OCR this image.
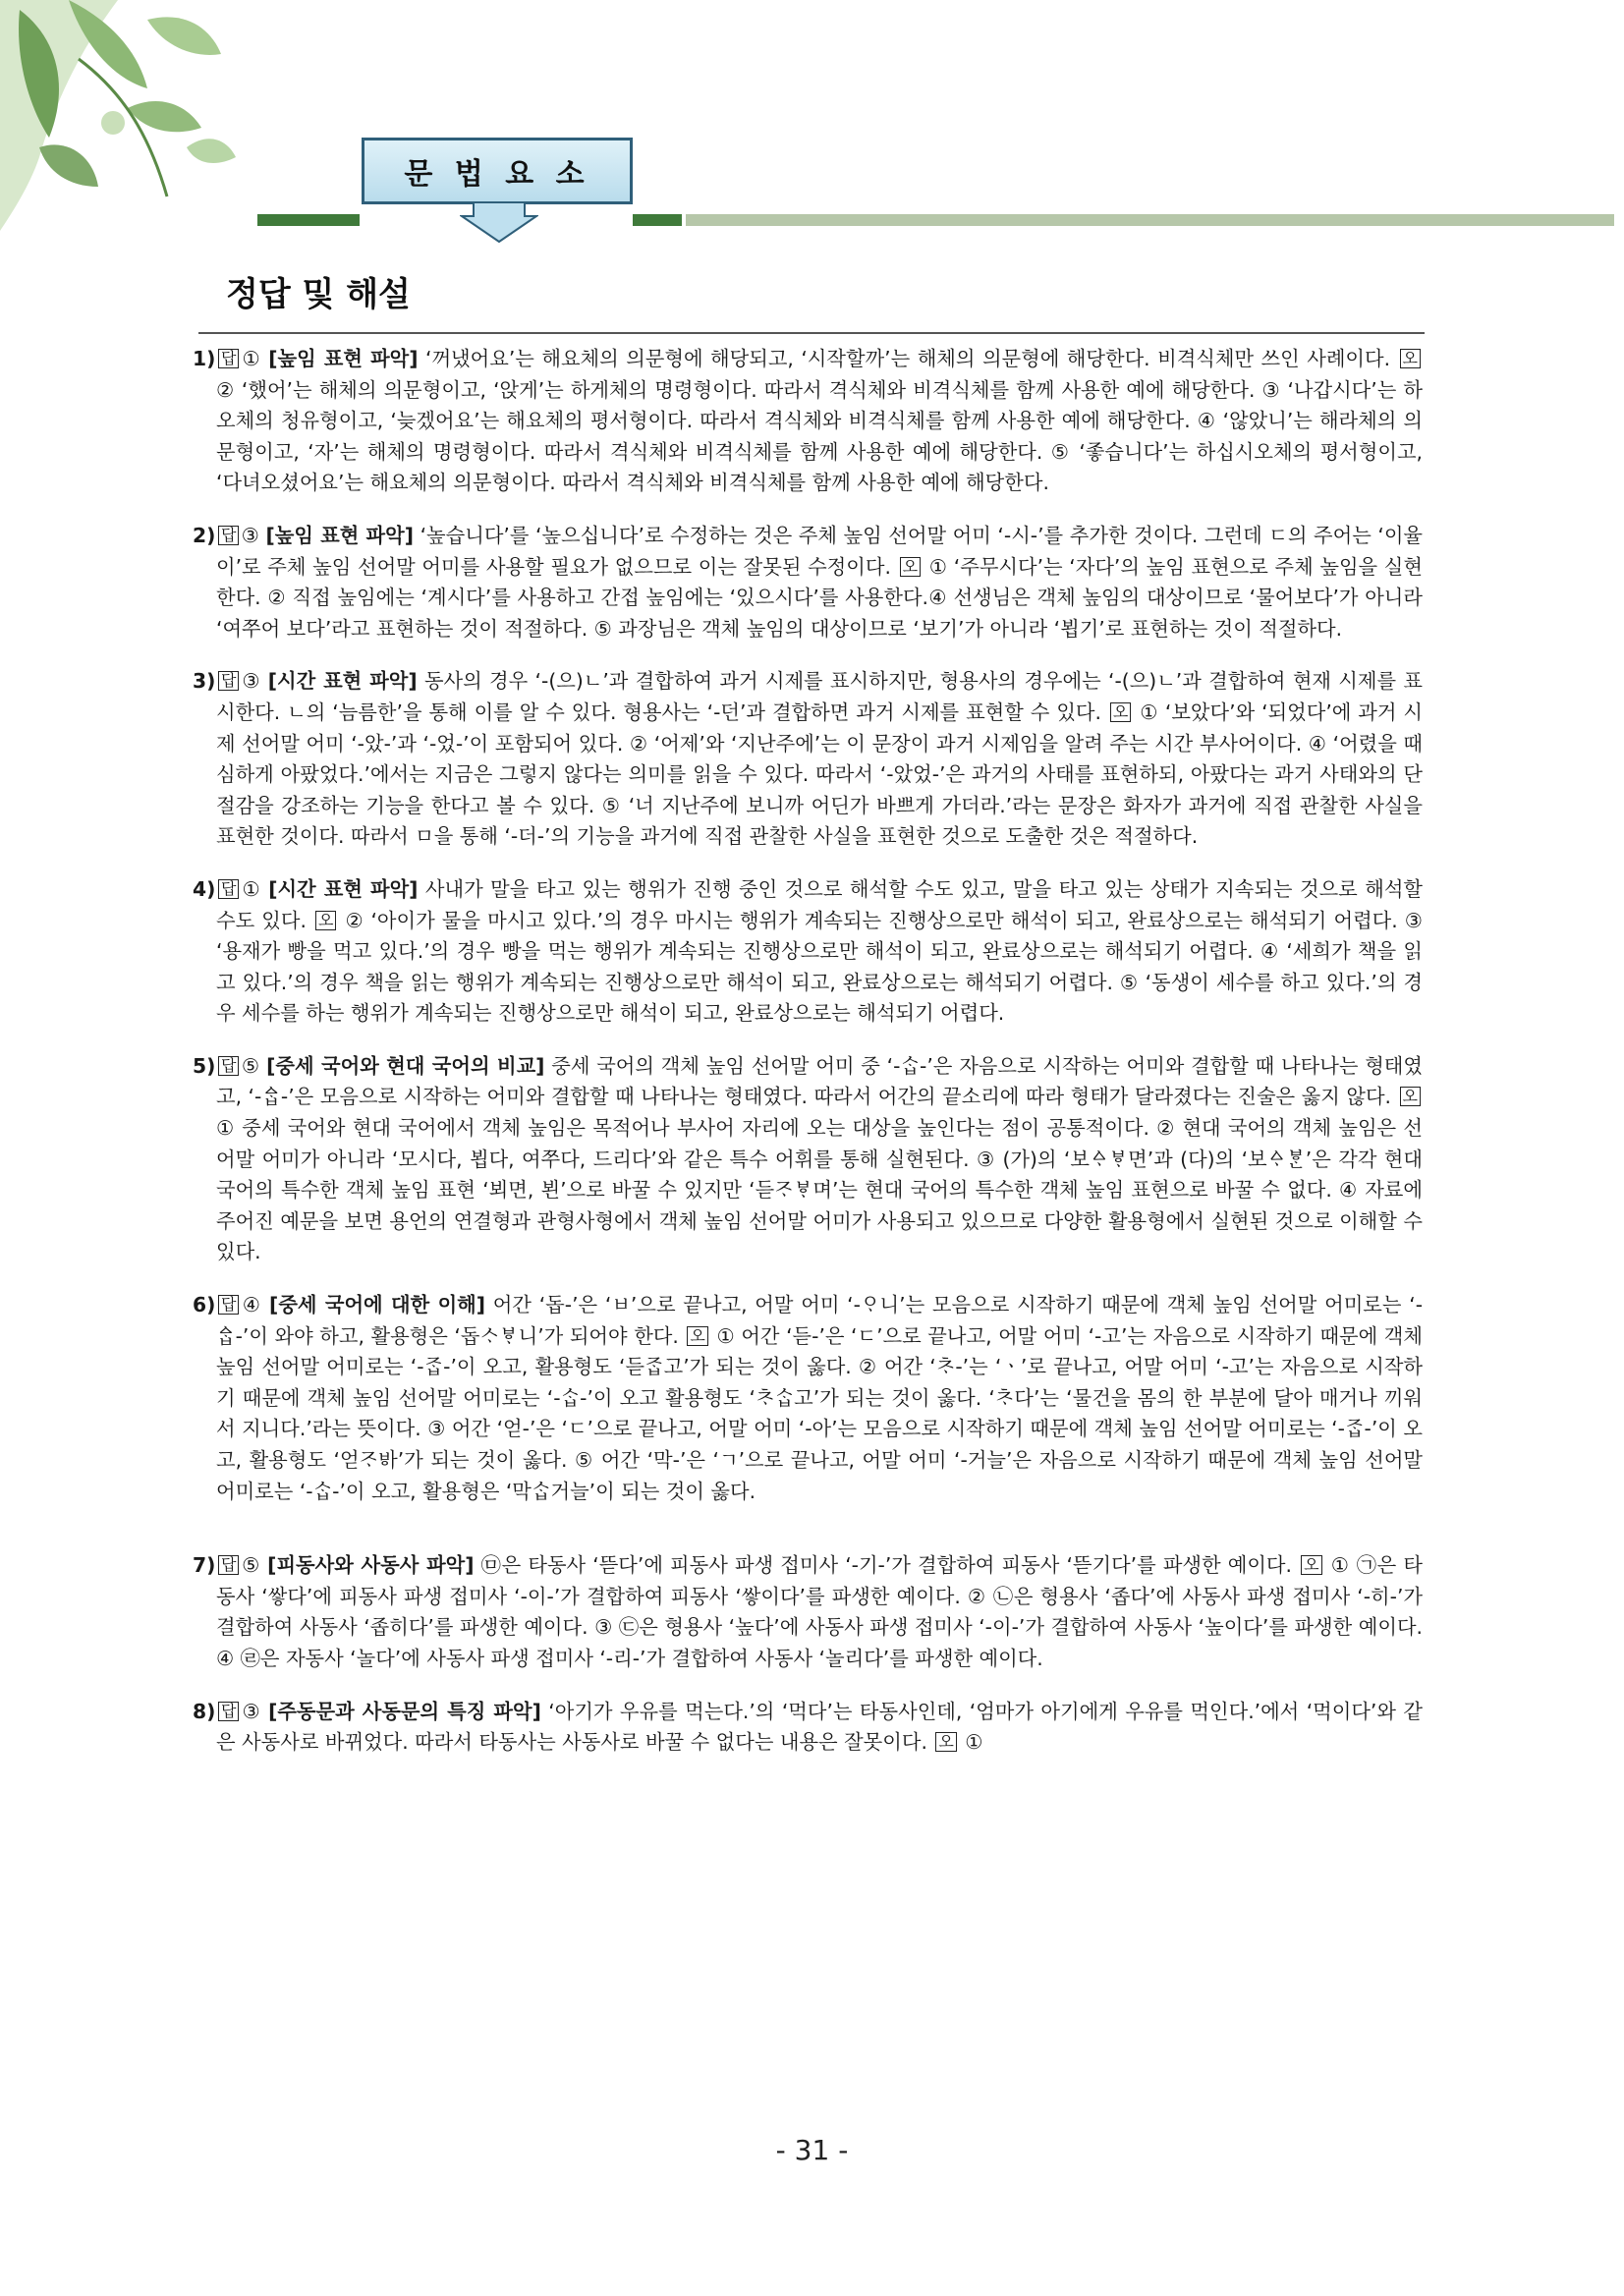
문 법 요 소
정답 및 해설
1) 답 ① [높임 표현 파악] ‘꺼냈어요’는 해요체의 의문형에 해당되고, ‘시작할까’는 해체의 의문형에 해당한다. 비격식체만 쓰인 사례이다. 오 ② ‘했어’는 해체의 의문형이고, ‘앉게’는 하게체의 명령형이다. 따라서 격식체와 비격식체를 함께 사용한 예에 해당한다. ③ ‘나갑시다’는 하오체의 청유형이고, ‘늦겠어요’는 해요체의 평서형이다. 따라서 격식체와 비격식체를 함께 사용한 예에 해당한다. ④ ‘않았니’는 해라체의 의문형이고, ‘자’는 해체의 명령형이다. 따라서 격식체와 비격식체를 함께 사용한 예에 해당한다. ⑤ ‘좋습니다’는 하십시오체의 평서형이고, ‘다녀오셨어요’는 해요체의 의문형이다. 따라서 격식체와 비격식체를 함께 사용한 예에 해당한다.
2) 답 ③ [높임 표현 파악] ‘높습니다’를 ‘높으십니다’로 수정하는 것은 주체 높임 선어말 어미 ‘-시-’를 추가한 것이다. 그런데 ㄷ의 주어는 ‘이율이’로 주체 높임 선어말 어미를 사용할 필요가 없으므로 이는 잘못된 수정이다. 오 ① ‘주무시다’는 ‘자다’의 높임 표현으로 주체 높임을 실현한다. ② 직접 높임에는 ‘계시다’를 사용하고 간접 높임에는 ‘있으시다’를 사용한다.④ 선생님은 객체 높임의 대상이므로 ‘물어보다’가 아니라 ‘여쭈어 보다’라고 표현하는 것이 적절하다. ⑤ 과장님은 객체 높임의 대상이므로 ‘보기’가 아니라 ‘뵙기’로 표현하는 것이 적절하다.
3) 답 ③ [시간 표현 파악] 동사의 경우 ‘-(으)ㄴ’과 결합하여 과거 시제를 표시하지만, 형용사의 경우에는 ‘-(으)ㄴ’과 결합하여 현재 시제를 표시한다. ㄴ의 ‘늠름한’을 통해 이를 알 수 있다. 형용사는 ‘-던’과 결합하면 과거 시제를 표현할 수 있다. 오 ① ‘보았다’와 ‘되었다’에 과거 시제 선어말 어미 ‘-았-’과 ‘-었-’이 포함되어 있다. ② ‘어제’와 ‘지난주에’는 이 문장이 과거 시제임을 알려 주는 시간 부사어이다. ④ ‘어렸을 때 심하게 아팠었다.’에서는 지금은 그렇지 않다는 의미를 읽을 수 있다. 따라서 ‘-았었-’은 과거의 사태를 표현하되, 아팠다는 과거 사태와의 단절감을 강조하는 기능을 한다고 볼 수 있다. ⑤ ‘너 지난주에 보니까 어딘가 바쁘게 가더라.’라는 문장은 화자가 과거에 직접 관찰한 사실을 표현한 것이다. 따라서 ㅁ을 통해 ‘-더-’의 기능을 과거에 직접 관찰한 사실을 표현한 것으로 도출한 것은 적절하다.
4) 답 ① [시간 표현 파악] 사내가 말을 타고 있는 행위가 진행 중인 것으로 해석할 수도 있고, 말을 타고 있는 상태가 지속되는 것으로 해석할 수도 있다. 오 ② ‘아이가 물을 마시고 있다.’의 경우 마시는 행위가 계속되는 진행상으로만 해석이 되고, 완료상으로는 해석되기 어렵다. ③ ‘용재가 빵을 먹고 있다.’의 경우 빵을 먹는 행위가 계속되는 진행상으로만 해석이 되고, 완료상으로는 해석되기 어렵다. ④ ‘세희가 책을 읽고 있다.’의 경우 책을 읽는 행위가 계속되는 진행상으로만 해석이 되고, 완료상으로는 해석되기 어렵다. ⑤ ‘동생이 세수를 하고 있다.’의 경우 세수를 하는 행위가 계속되는 진행상으로만 해석이 되고, 완료상으로는 해석되기 어렵다.
5) 답 ⑤ [중세 국어와 현대 국어의 비교] 중세 국어의 객체 높임 선어말 어미 중 ‘-ᄉᆞᆸ-’은 자음으로 시작하는 어미와 결합할 때 나타나는 형태였고, ‘-ᅀᆞᆸ-’은 모음으로 시작하는 어미와 결합할 때 나타나는 형태였다. 따라서 어간의 끝소리에 따라 형태가 달라졌다는 진술은 옳지 않다. 오 ① 중세 국어와 현대 국어에서 객체 높임은 목적어나 부사어 자리에 오는 대상을 높인다는 점이 공통적이다. ② 현대 국어의 객체 높임은 선어말 어미가 아니라 ‘모시다, 뵙다, 여쭈다, 드리다’와 같은 특수 어휘를 통해 실현된다. ③ (가)의 ‘보ᅀᆞᄫᆞ면’과 (다)의 ‘보ᅀᆞᄫᆞᆫ’은 각각 현대 국어의 특수한 객체 높임 표현 ‘뵈면, 뵌’으로 바꿀 수 있지만 ‘듣ᄌᆞᄫᆞ며’는 현대 국어의 특수한 객체 높임 표현으로 바꿀 수 없다. ④ 자료에 주어진 예문을 보면 용언의 연결형과 관형사형에서 객체 높임 선어말 어미가 사용되고 있으므로 다양한 활용형에서 실현된 것으로 이해할 수 있다.
6) 답 ④ [중세 국어에 대한 이해] 어간 ‘돕-’은 ‘ㅂ’으로 끝나고, 어말 어미 ‘-ᄋᆞ니’는 모음으로 시작하기 때문에 객체 높임 선어말 어미로는 ‘-ᅀᆞᆸ-’이 와야 하고, 활용형은 ‘돕ᄉᆞᄫᆞ니’가 되어야 한다. 오 ① 어간 ‘듣-’은 ‘ㄷ’으로 끝나고, 어말 어미 ‘-고’는 자음으로 시작하기 때문에 객체 높임 선어말 어미로는 ‘-ᄌᆞᆸ-’이 오고, 활용형도 ‘듣ᄌᆞᆸ고’가 되는 것이 옳다. ② 어간 ‘ᄎᆞ-’는 ‘ㆍ’로 끝나고, 어말 어미 ‘-고’는 자음으로 시작하기 때문에 객체 높임 선어말 어미로는 ‘-ᄉᆞᆸ-’이 오고 활용형도 ‘ᄎᆞᄉᆞᆸ고’가 되는 것이 옳다. ‘ᄎᆞ다’는 ‘물건을 몸의 한 부분에 달아 매거나 끼워서 지니다.’라는 뜻이다. ③ 어간 ‘얻-’은 ‘ㄷ’으로 끝나고, 어말 어미 ‘-아’는 모음으로 시작하기 때문에 객체 높임 선어말 어미로는 ‘-ᄌᆞᆸ-’이 오고, 활용형도 ‘얻ᄌᆞᄫᅡ’가 되는 것이 옳다. ⑤ 어간 ‘막-’은 ‘ㄱ’으로 끝나고, 어말 어미 ‘-거늘’은 자음으로 시작하기 때문에 객체 높임 선어말 어미로는 ‘-ᄉᆞᆸ-’이 오고, 활용형은 ‘막ᄉᆞᆸ거늘’이 되는 것이 옳다.
7) 답 ⑤ [피동사와 사동사 파악] ㉤은 타동사 ‘뜯다’에 피동사 파생 접미사 ‘-기-’가 결합하여 피동사 ‘뜯기다’를 파생한 예이다. 오 ① ㉠은 타동사 ‘쌓다’에 피동사 파생 접미사 ‘-이-’가 결합하여 피동사 ‘쌓이다’를 파생한 예이다. ② ㉡은 형용사 ‘좁다’에 사동사 파생 접미사 ‘-히-’가 결합하여 사동사 ‘좁히다’를 파생한 예이다. ③ ㉢은 형용사 ‘높다’에 사동사 파생 접미사 ‘-이-’가 결합하여 사동사 ‘높이다’를 파생한 예이다. ④ ㉣은 자동사 ‘놀다’에 사동사 파생 접미사 ‘-리-’가 결합하여 사동사 ‘놀리다’를 파생한 예이다.
8) 답 ③ [주동문과 사동문의 특징 파악] ‘아기가 우유를 먹는다.’의 ‘먹다’는 타동사인데, ‘엄마가 아기에게 우유를 먹인다.’에서 ‘먹이다’와 같은 사동사로 바뀌었다. 따라서 타동사는 사동사로 바꿀 수 없다는 내용은 잘못이다. 오 ①
- 31 -
